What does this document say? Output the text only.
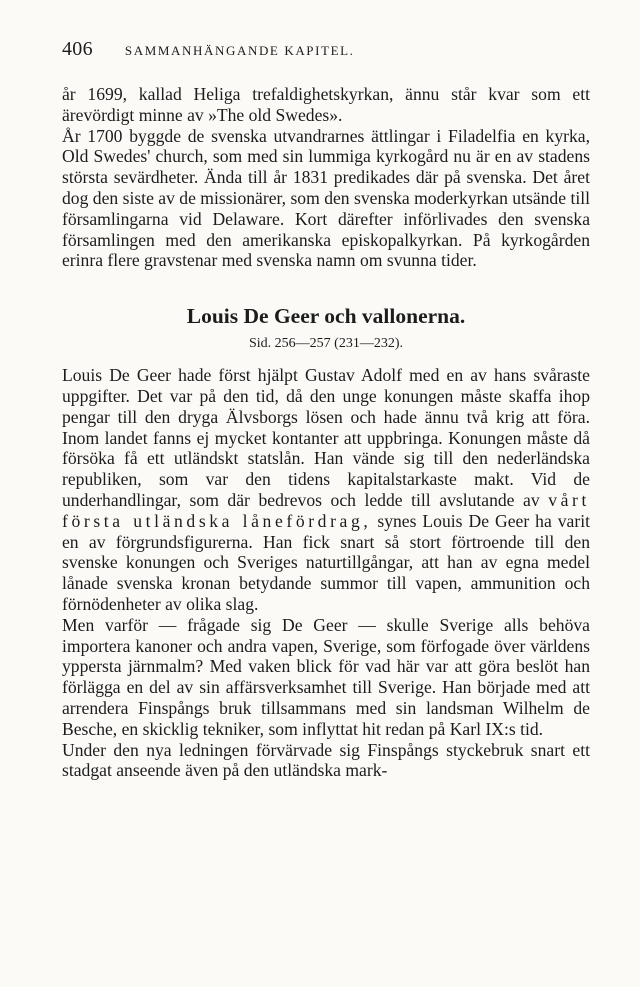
406 SAMMANHÄNGANDE KAPITEL.

år 1699, kallad Heliga trefaldighetskyrkan, ännu står kvar som ett ärevördigt minne av »The old Swedes».

År 1700 byggde de svenska utvandrarnes ättlingar i Filadelfia en kyrka, Old Swedes' church, som med sin lummiga kyrkogård nu är en av stadens största sevärdheter. Ända till år 1831 predikades där på svenska. Det året dog den siste av de missionärer, som den svenska moderkyrkan utsände till församlingarna vid Delaware. Kort därefter införlivades den svenska församlingen med den amerikanska episkopalkyrkan. På kyrkogården erinra flere gravstenar med svenska namn om svunna tider.

Louis De Geer och vallonerna.
Sid. 256—257 (231—232).

Louis De Geer hade först hjälpt Gustav Adolf med en av hans svåraste uppgifter. Det var på den tid, då den unge konungen måste skaffa ihop pengar till den dryga Älvsborgs lösen och hade ännu två krig att föra. Inom landet fanns ej mycket kontanter att uppbringa. Konungen måste då försöka få ett utländskt statslån. Han vände sig till den nederländska republiken, som var den tidens kapitalstarkaste makt. Vid de underhandlingar, som där bedrevos och ledde till avslutande av vårt första utländska lånefördrag, synes Louis De Geer ha varit en av förgrundsfigurerna. Han fick snart så stort förtroende till den svenske konungen och Sveriges naturtillgångar, att han av egna medel lånade svenska kronan betydande summor till vapen, ammunition och förnödenheter av olika slag.

Men varför — frågade sig De Geer — skulle Sverige alls behöva importera kanoner och andra vapen, Sverige, som förfogade över världens yppersta järnmalm? Med vaken blick för vad här var att göra beslöt han förlägga en del av sin affärsverksamhet till Sverige. Han började med att arrendera Finspångs bruk tillsammans med sin landsman Wilhelm de Besche, en skicklig tekniker, som inflyttat hit redan på Karl IX:s tid.

Under den nya ledningen förvärvade sig Finspångs styckebruk snart ett stadgat anseende även på den utländska mark-
